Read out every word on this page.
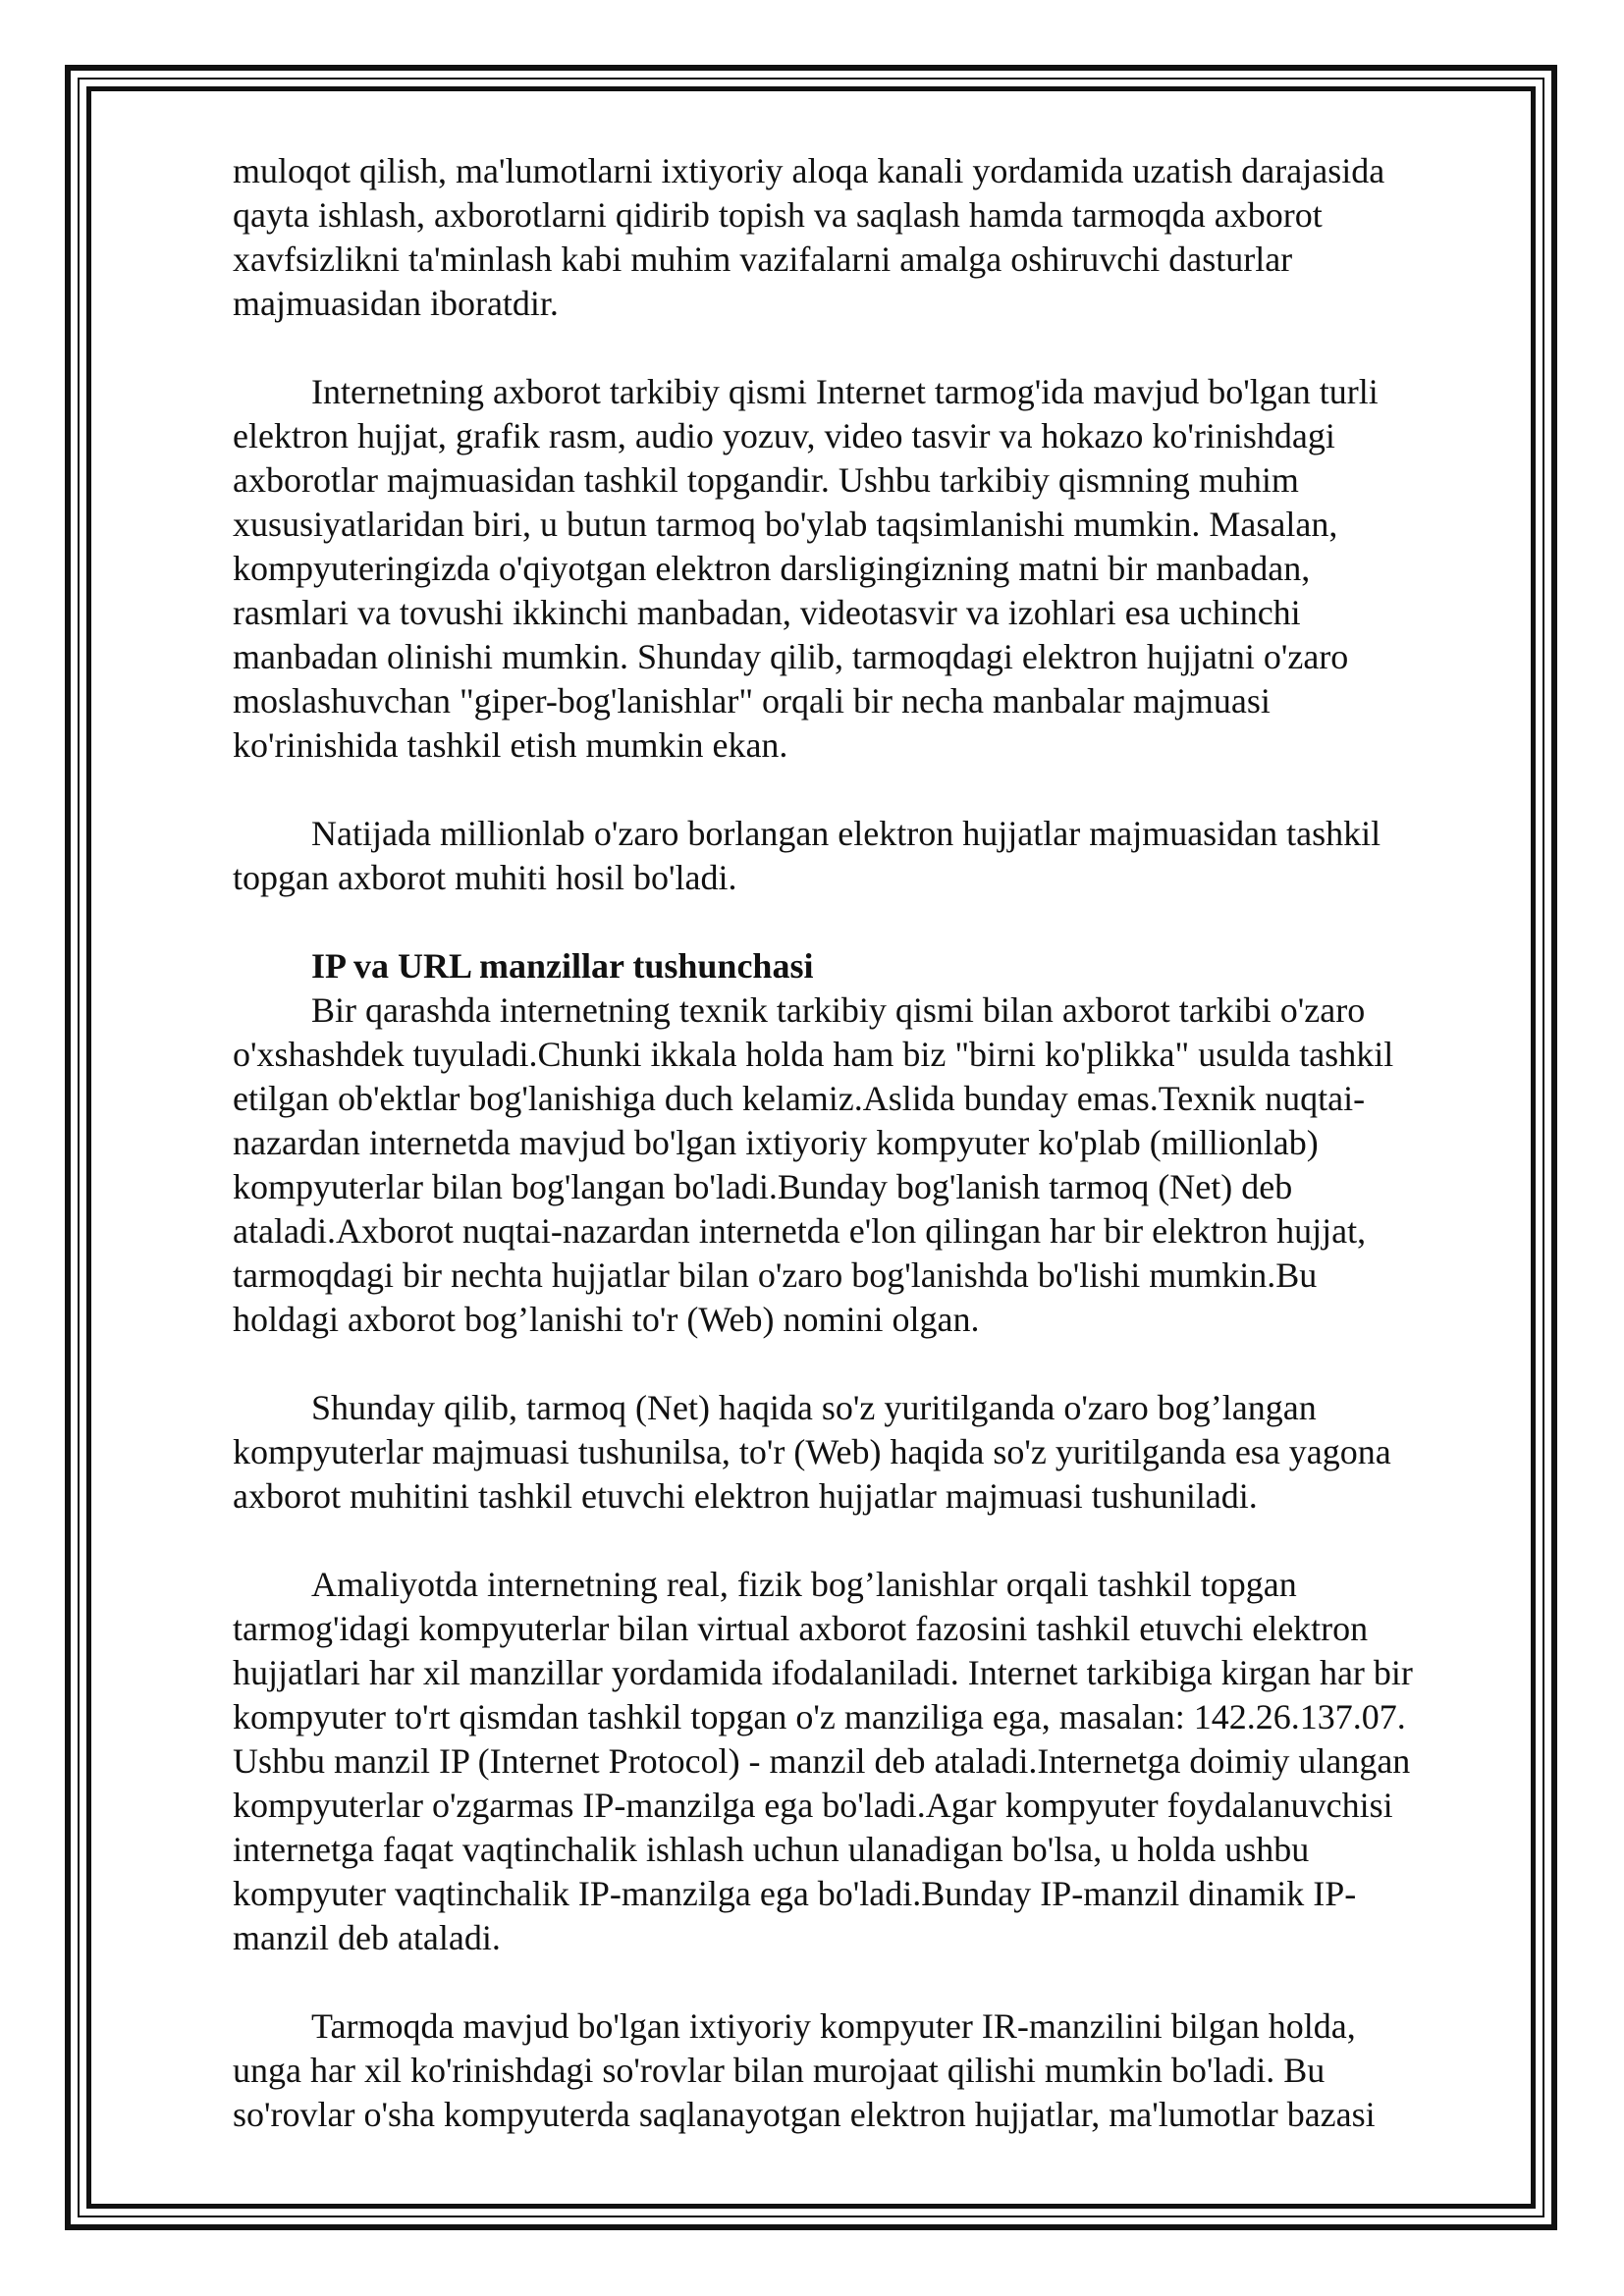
muloqot qilish, ma'lumotlarni ixtiyoriy aloqa kanali yordamida uzatish darajasida

qayta ishlash, axborotlarni qidirib topish va saqlash hamda tarmoqda axborot

xavfsizlikni ta'minlash kabi muhim vazifalarni amalga oshiruvchi dasturlar

majmuasidan iboratdir.

Internetning axborot tarkibiy qismi Internet tarmog'ida mavjud bo'lgan turli

elektron hujjat, grafik rasm, audio yozuv, video tasvir va hokazo ko'rinishdagi

axborotlar majmuasidan tashkil topgandir. Ushbu tarkibiy qismning muhim

xususiyatlaridan biri, u butun tarmoq bo'ylab taqsimlanishi mumkin. Masalan,

kompyuteringizda o'qiyotgan elektron darsligingizning matni bir manbadan,

rasmlari va tovushi ikkinchi manbadan, videotasvir va izohlari esa uchinchi

manbadan olinishi mumkin. Shunday qilib, tarmoqdagi elektron hujjatni o'zaro

moslashuvchan "giper-bog'lanishlar" orqali bir necha manbalar majmuasi

ko'rinishida tashkil etish mumkin ekan.

Natijada millionlab o'zaro borlangan elektron hujjatlar majmuasidan tashkil

topgan axborot muhiti hosil bo'ladi.

IP va URL manzillar tushunchasi

Bir qarashda internetning texnik tarkibiy qismi bilan axborot tarkibi o'zaro

o'xshashdek tuyuladi.Chunki ikkala holda ham biz "birni ko'plikka" usulda tashkil

etilgan ob'ektlar bog'lanishiga duch kelamiz.Aslida bunday emas.Texnik nuqtai-

nazardan internetda mavjud bo'lgan ixtiyoriy kompyuter ko'plab (millionlab)

kompyuterlar bilan bog'langan bo'ladi.Bunday bog'lanish tarmoq (Net) deb

ataladi.Axborot nuqtai-nazardan internetda e'lon qilingan har bir elektron hujjat,

tarmoqdagi bir nechta hujjatlar bilan o'zaro bog'lanishda bo'lishi mumkin.Bu

holdagi axborot bog’lanishi to'r (Web) nomini olgan.

Shunday qilib, tarmoq (Net) haqida so'z yuritilganda o'zaro bog’langan

kompyuterlar majmuasi tushunilsa, to'r (Web) haqida so'z yuritilganda esa yagona

axborot muhitini tashkil etuvchi elektron hujjatlar majmuasi tushuniladi.

Amaliyotda internetning real, fizik bog’lanishlar orqali tashkil topgan

tarmog'idagi kompyuterlar bilan virtual axborot fazosini tashkil etuvchi elektron

hujjatlari har xil manzillar yordamida ifodalaniladi. Internet tarkibiga kirgan har bir

kompyuter to'rt qismdan tashkil topgan o'z manziliga ega, masalan: 142.26.137.07.

Ushbu manzil IP (Internet Protocol) - manzil deb ataladi.Internetga doimiy ulangan

kompyuterlar o'zgarmas IP-manzilga ega bo'ladi.Agar kompyuter foydalanuvchisi

internetga faqat vaqtinchalik ishlash uchun ulanadigan bo'lsa, u holda ushbu

kompyuter vaqtinchalik IP-manzilga ega bo'ladi.Bunday IP-manzil dinamik IP-

manzil deb ataladi.

Tarmoqda mavjud bo'lgan ixtiyoriy kompyuter IR-manzilini bilgan holda,

unga har xil ko'rinishdagi so'rovlar bilan murojaat qilishi mumkin bo'ladi. Bu

so'rovlar o'sha kompyuterda saqlanayotgan elektron hujjatlar, ma'lumotlar bazasi
